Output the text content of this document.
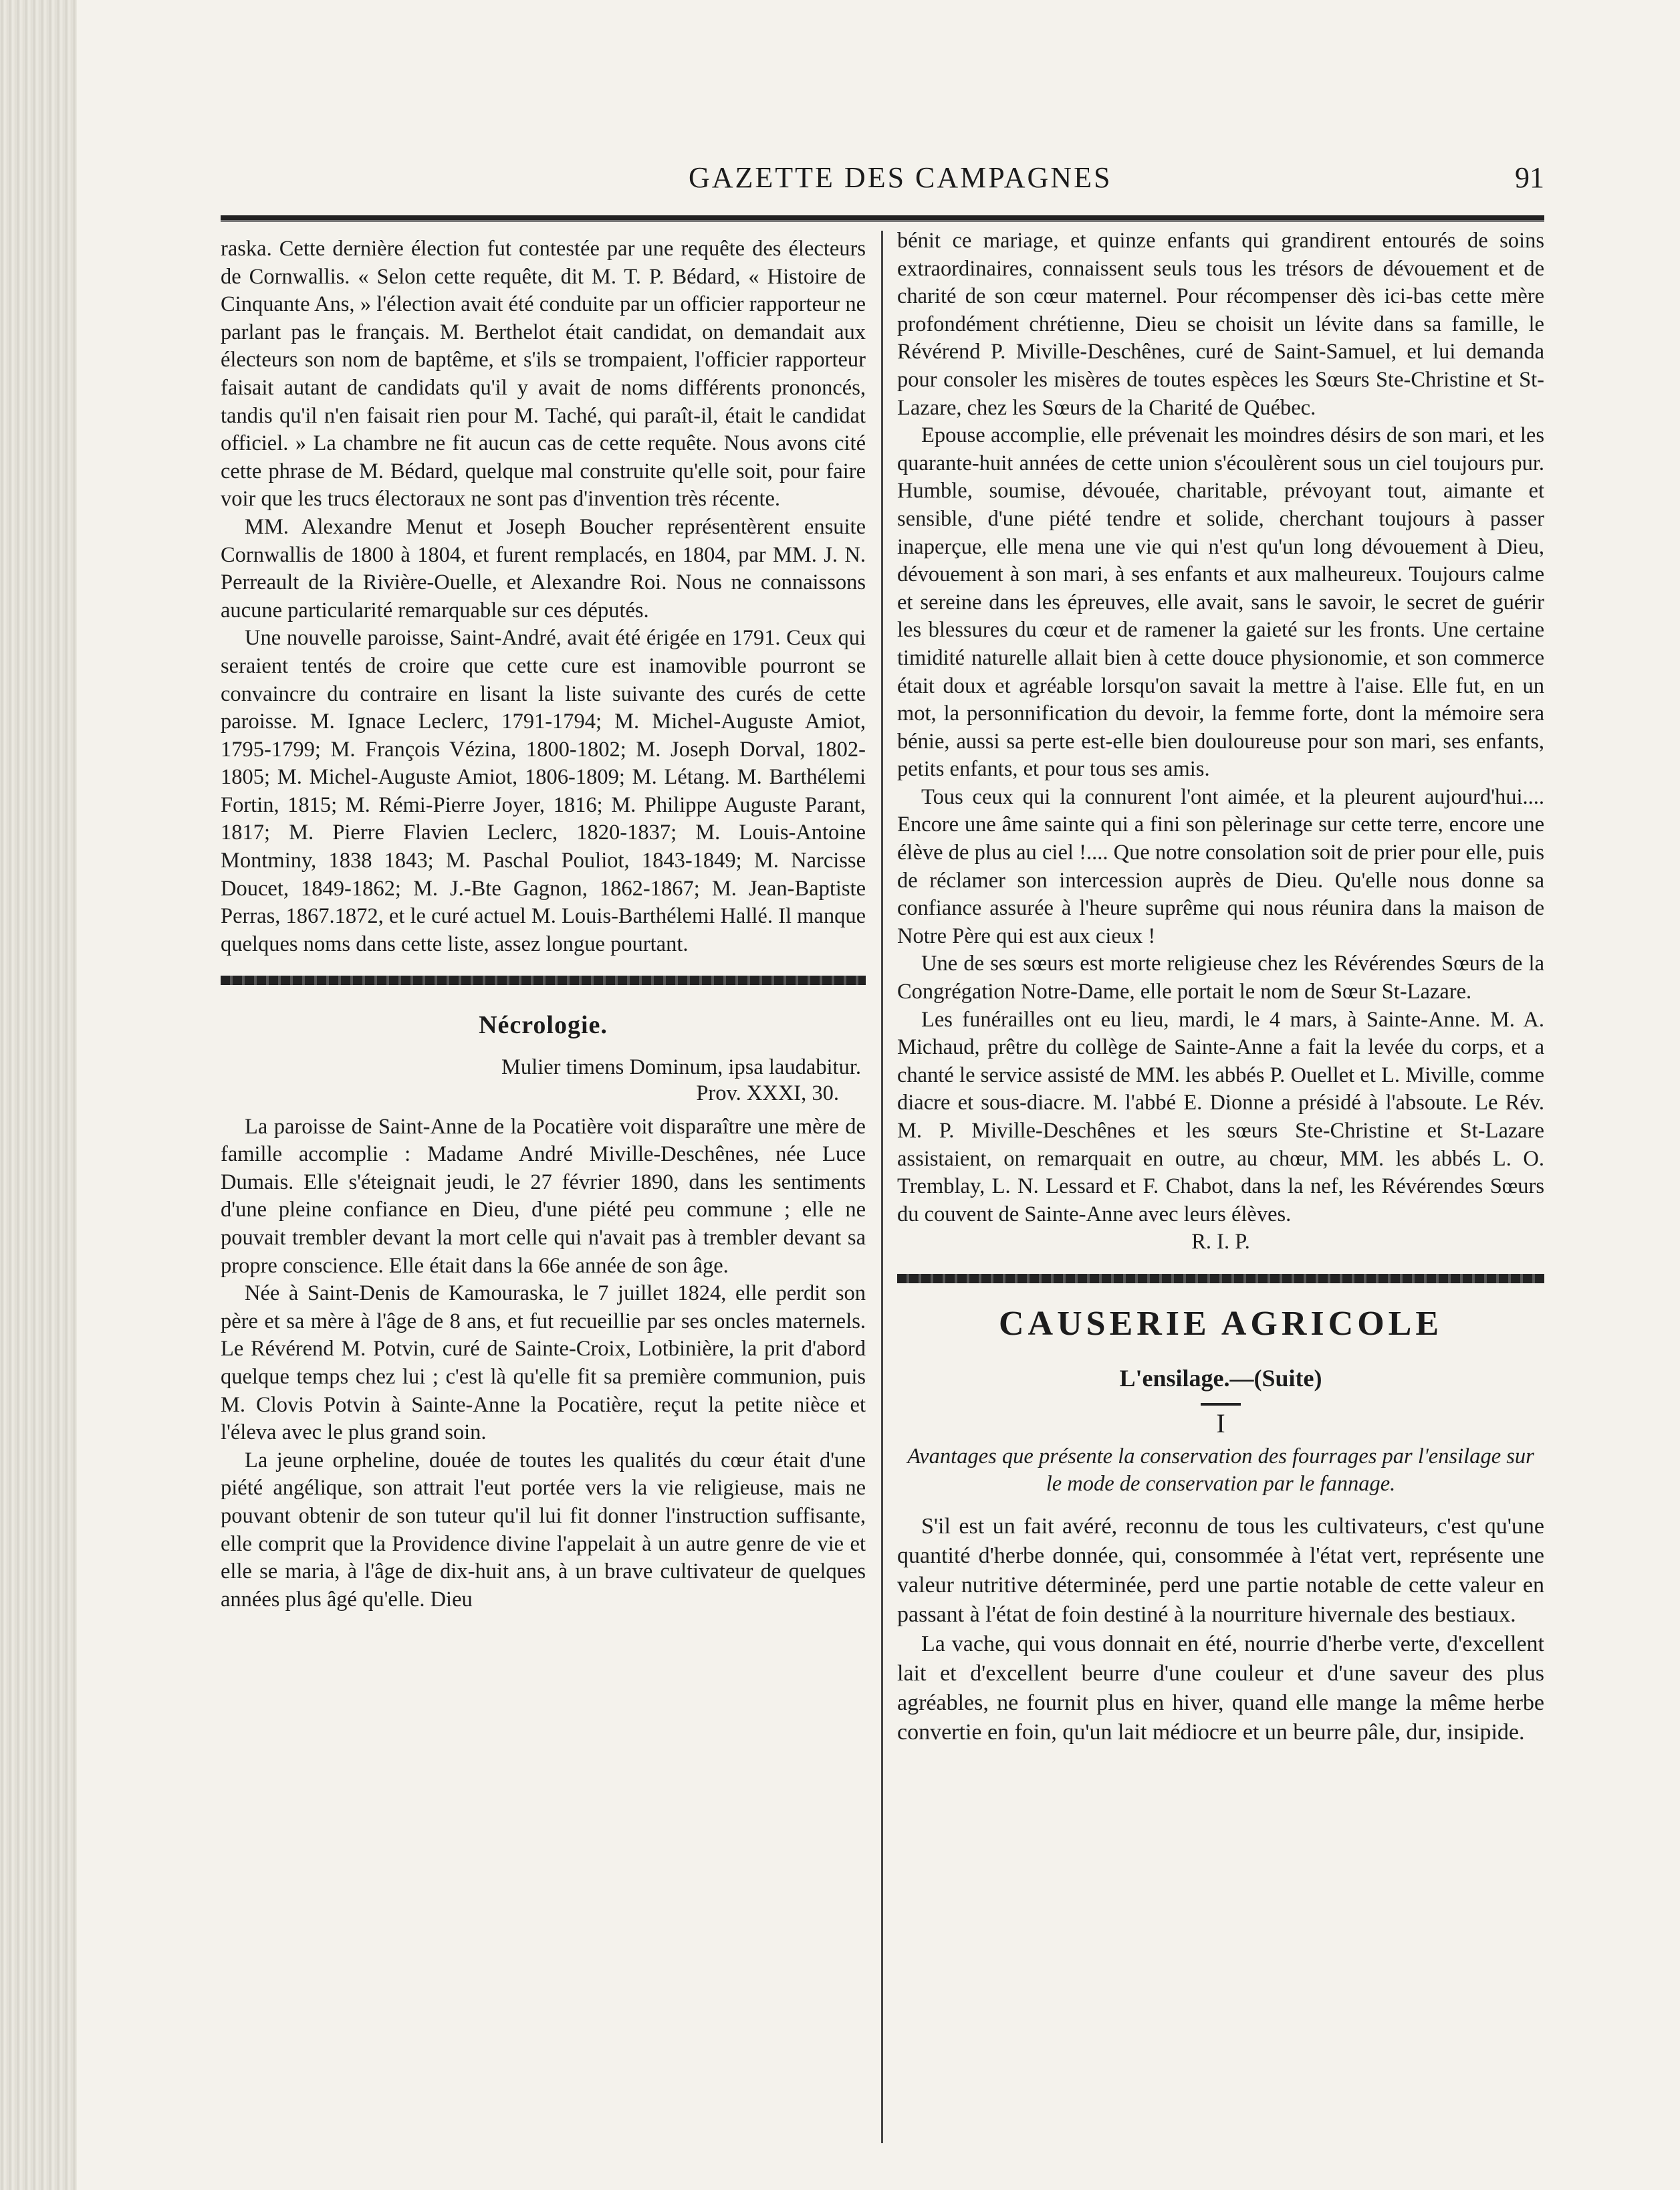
GAZETTE DES CAMPAGNES	91

raska. Cette dernière élection fut contestée par une requête des électeurs de Cornwallis. « Selon cette requête, dit M. T. P. Bédard, « Histoire de Cinquante Ans, » l'élection avait été conduite par un officier rapporteur ne parlant pas le français. M. Berthelot était candidat, on demandait aux électeurs son nom de baptême, et s'ils se trompaient, l'officier rapporteur faisait autant de candidats qu'il y avait de noms différents prononcés, tandis qu'il n'en faisait rien pour M. Taché, qui paraît-il, était le candidat officiel. » La chambre ne fit aucun cas de cette requête. Nous avons cité cette phrase de M. Bédard, quelque mal construite qu'elle soit, pour faire voir que les trucs électoraux ne sont pas d'invention très récente.

MM. Alexandre Menut et Joseph Boucher représentèrent ensuite Cornwallis de 1800 à 1804, et furent remplacés, en 1804, par MM. J. N. Perreault de la Rivière-Ouelle, et Alexandre Roi. Nous ne connaissons aucune particularité remarquable sur ces députés.

Une nouvelle paroisse, Saint-André, avait été érigée en 1791. Ceux qui seraient tentés de croire que cette cure est inamovible pourront se convaincre du contraire en lisant la liste suivante des curés de cette paroisse. M. Ignace Leclerc, 1791-1794; M. Michel-Auguste Amiot, 1795-1799; M. François Vézina, 1800-1802; M. Joseph Dorval, 1802-1805; M. Michel-Auguste Amiot, 1806-1809; M. Létang. M. Barthélemi Fortin, 1815; M. Rémi-Pierre Joyer, 1816; M. Philippe Auguste Parant, 1817; M. Pierre Flavien Leclerc, 1820-1837; M. Louis-Antoine Montminy, 1838 1843; M. Paschal Pouliot, 1843-1849; M. Narcisse Doucet, 1849-1862; M. J.-Bte Gagnon, 1862-1867; M. Jean-Baptiste Perras, 1867.1872, et le curé actuel M. Louis-Barthélemi Hallé. Il manque quelques noms dans cette liste, assez longue pourtant.

Nécrologie.

Mulier timens Dominum, ipsa laudabitur.

Prov. XXXI, 30.

La paroisse de Saint-Anne de la Pocatière voit disparaître une mère de famille accomplie : Madame André Miville-Deschênes, née Luce Dumais. Elle s'éteignait jeudi, le 27 février 1890, dans les sentiments d'une pleine confiance en Dieu, d'une piété peu commune ; elle ne pouvait trembler devant la mort celle qui n'avait pas à trembler devant sa propre conscience. Elle était dans la 66e année de son âge.

Née à Saint-Denis de Kamouraska, le 7 juillet 1824, elle perdit son père et sa mère à l'âge de 8 ans, et fut recueillie par ses oncles maternels. Le Révérend M. Potvin, curé de Sainte-Croix, Lotbinière, la prit d'abord quelque temps chez lui ; c'est là qu'elle fit sa première communion, puis M. Clovis Potvin à Sainte-Anne la Pocatière, reçut la petite nièce et l'éleva avec le plus grand soin.

La jeune orpheline, douée de toutes les qualités du cœur était d'une piété angélique, son attrait l'eut portée vers la vie religieuse, mais ne pouvant obtenir de son tuteur qu'il lui fit donner l'instruction suffisante, elle comprit que la Providence divine l'appelait à un autre genre de vie et elle se maria, à l'âge de dix-huit ans, à un brave cultivateur de quelques années plus âgé qu'elle. Dieu

bénit ce mariage, et quinze enfants qui grandirent entourés de soins extraordinaires, connaissent seuls tous les trésors de dévouement et de charité de son cœur maternel. Pour récompenser dès ici-bas cette mère profondément chrétienne, Dieu se choisit un lévite dans sa famille, le Révérend P. Miville-Deschênes, curé de Saint-Samuel, et lui demanda pour consoler les misères de toutes espèces les Sœurs Ste-Christine et St-Lazare, chez les Sœurs de la Charité de Québec.

Epouse accomplie, elle prévenait les moindres désirs de son mari, et les quarante-huit années de cette union s'écoulèrent sous un ciel toujours pur. Humble, soumise, dévouée, charitable, prévoyant tout, aimante et sensible, d'une piété tendre et solide, cherchant toujours à passer inaperçue, elle mena une vie qui n'est qu'un long dévouement à Dieu, dévouement à son mari, à ses enfants et aux malheureux. Toujours calme et sereine dans les épreuves, elle avait, sans le savoir, le secret de guérir les blessures du cœur et de ramener la gaieté sur les fronts. Une certaine timidité naturelle allait bien à cette douce physionomie, et son commerce était doux et agréable lorsqu'on savait la mettre à l'aise. Elle fut, en un mot, la personnification du devoir, la femme forte, dont la mémoire sera bénie, aussi sa perte est-elle bien douloureuse pour son mari, ses enfants, petits enfants, et pour tous ses amis.

Tous ceux qui la connurent l'ont aimée, et la pleurent aujourd'hui.... Encore une âme sainte qui a fini son pèlerinage sur cette terre, encore une élève de plus au ciel !.... Que notre consolation soit de prier pour elle, puis de réclamer son intercession auprès de Dieu. Qu'elle nous donne sa confiance assurée à l'heure suprême qui nous réunira dans la maison de Notre Père qui est aux cieux !

Une de ses sœurs est morte religieuse chez les Révérendes Sœurs de la Congrégation Notre-Dame, elle portait le nom de Sœur St-Lazare.

Les funérailles ont eu lieu, mardi, le 4 mars, à Sainte-Anne. M. A. Michaud, prêtre du collège de Sainte-Anne a fait la levée du corps, et a chanté le service assisté de MM. les abbés P. Ouellet et L. Miville, comme diacre et sous-diacre. M. l'abbé E. Dionne a présidé à l'absoute. Le Rév. M. P. Miville-Deschênes et les sœurs Ste-Christine et St-Lazare assistaient, on remarquait en outre, au chœur, MM. les abbés L. O. Tremblay, L. N. Lessard et F. Chabot, dans la nef, les Révérendes Sœurs du couvent de Sainte-Anne avec leurs élèves.

R. I. P.

CAUSERIE AGRICOLE

L'ensilage.—(Suite)

I

Avantages que présente la conservation des fourrages par l'ensilage sur le mode de conservation par le fannage.

S'il est un fait avéré, reconnu de tous les cultivateurs, c'est qu'une quantité d'herbe donnée, qui, consommée à l'état vert, représente une valeur nutritive déterminée, perd une partie notable de cette valeur en passant à l'état de foin destiné à la nourriture hivernale des bestiaux.

La vache, qui vous donnait en été, nourrie d'herbe verte, d'excellent lait et d'excellent beurre d'une couleur et d'une saveur des plus agréables, ne fournit plus en hiver, quand elle mange la même herbe convertie en foin, qu'un lait médiocre et un beurre pâle, dur, insipide.
